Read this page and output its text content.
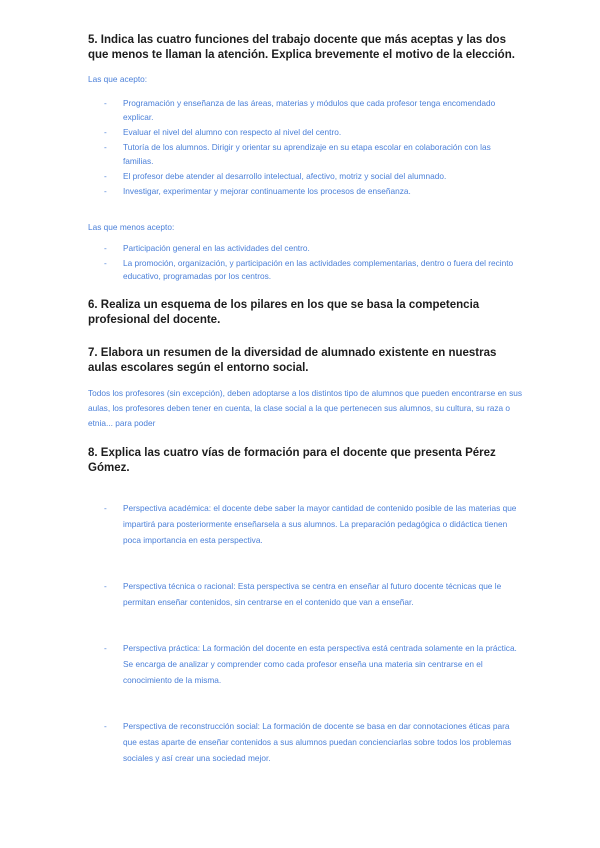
5. Indica las cuatro funciones del trabajo docente que más aceptas y las dos que menos te llaman la atención. Explica brevemente el motivo de la elección.

Las que acepto:

- Programación y enseñanza de las áreas, materias y módulos que cada profesor tenga encomendado explicar.
- Evaluar el nivel del alumno con respecto al nivel del centro.
- Tutoría de los alumnos. Dirigir y orientar su aprendizaje en su etapa escolar en colaboración con las familias.
- El profesor debe atender al desarrollo intelectual, afectivo, motriz y social del alumnado.
- Investigar, experimentar y mejorar continuamente los procesos de enseñanza.

Las que menos acepto:

- Participación general en las actividades del centro.
- La promoción, organización, y participación en las actividades complementarias, dentro o fuera del recinto educativo, programadas por los centros.

6. Realiza un esquema de los pilares en los que se basa la competencia profesional del docente.

7. Elabora un resumen de la diversidad de alumnado existente en nuestras aulas escolares según el entorno social.

Todos los profesores (sin excepción), deben adoptarse a los distintos tipo de alumnos que pueden encontrarse en sus aulas, los profesores deben tener en cuenta, la clase social a la que pertenecen sus alumnos, su cultura, su raza o etnia... para poder

8. Explica las cuatro vías de formación para el docente que presenta Pérez Gómez.

- Perspectiva académica: el docente debe saber la mayor cantidad de contenido posible de las materias que impartirá para posteriormente enseñarsela a sus alumnos. La preparación pedagógica o didáctica tienen poca importancia en esta perspectiva.
- Perspectiva técnica o racional: Esta perspectiva se centra en enseñar al futuro docente técnicas que le permitan enseñar contenidos, sin centrarse en el contenido que van a enseñar.
- Perspectiva práctica: La formación del docente en esta perspectiva está centrada solamente en la práctica. Se encarga de analizar y comprender como cada profesor enseña una materia sin centrarse en el conocimiento de la misma.
- Perspectiva de reconstrucción social: La formación de docente se basa en dar connotaciones éticas para que estas aparte de enseñar contenidos a sus alumnos puedan concienciarlas sobre todos los problemas sociales y así crear una sociedad mejor.
